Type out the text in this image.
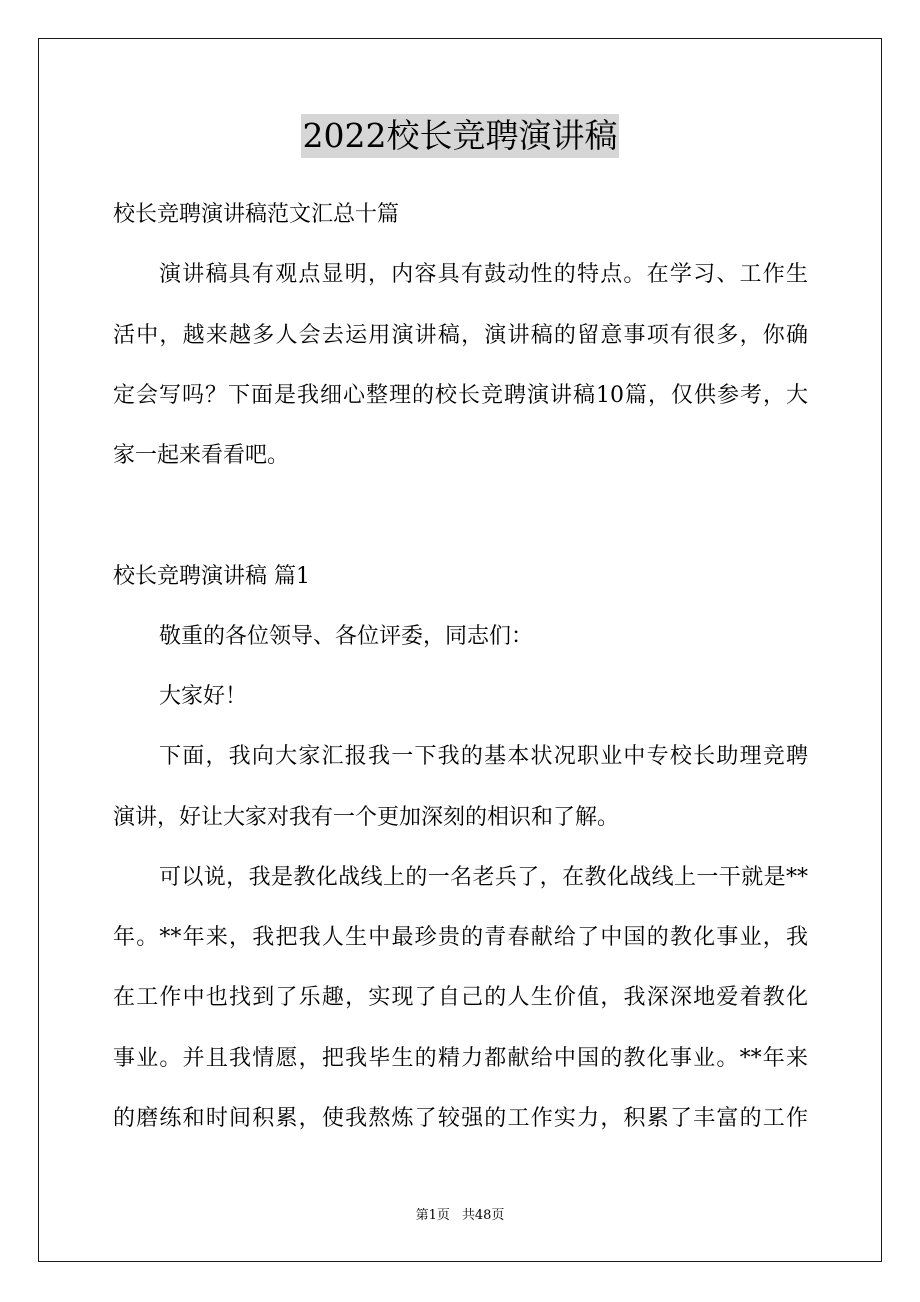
2022校长竞聘演讲稿
校长竞聘演讲稿范文汇总十篇
演讲稿具有观点显明，内容具有鼓动性的特点。在学习、工作生
活中，越来越多人会去运用演讲稿，演讲稿的留意事项有很多，你确
定会写吗？下面是我细心整理的校长竞聘演讲稿10篇，仅供参考，大
家一起来看看吧。
校长竞聘演讲稿 篇1
敬重的各位领导、各位评委，同志们：
大家好！
下面，我向大家汇报我一下我的基本状况职业中专校长助理竞聘
演讲，好让大家对我有一个更加深刻的相识和了解。
可以说，我是教化战线上的一名老兵了，在教化战线上一干就是**
年。**年来，我把我人生中最珍贵的青春献给了中国的教化事业，我
在工作中也找到了乐趣，实现了自己的人生价值，我深深地爱着教化
事业。并且我情愿，把我毕生的精力都献给中国的教化事业。**年来
的磨练和时间积累，使我熬炼了较强的工作实力，积累了丰富的工作
第1页 共48页
